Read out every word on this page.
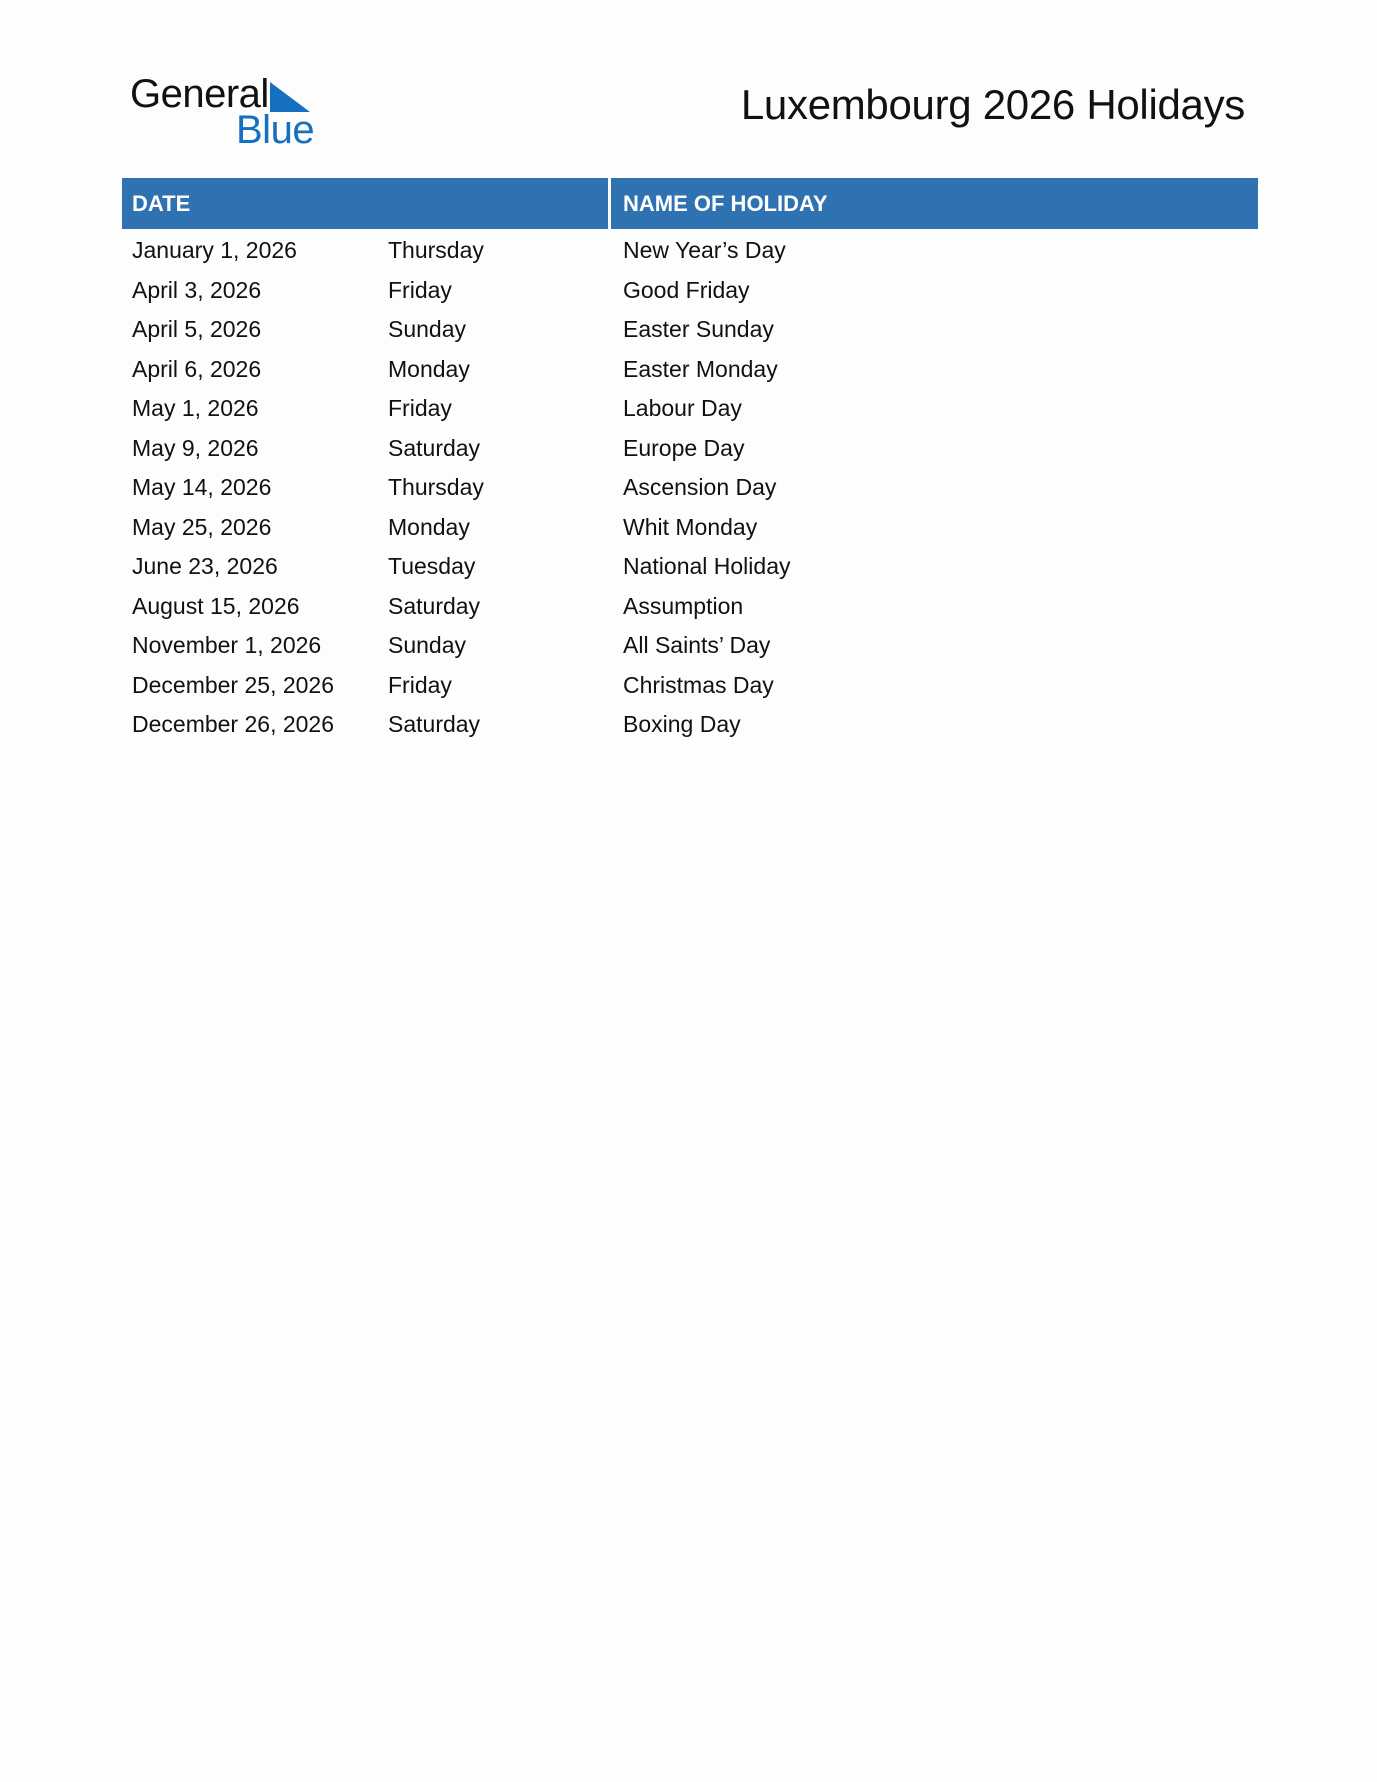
General
Blue
Luxembourg 2026 Holidays
DATE	NAME OF HOLIDAY
January 1, 2026	Thursday	New Year’s Day
April 3, 2026	Friday	Good Friday
April 5, 2026	Sunday	Easter Sunday
April 6, 2026	Monday	Easter Monday
May 1, 2026	Friday	Labour Day
May 9, 2026	Saturday	Europe Day
May 14, 2026	Thursday	Ascension Day
May 25, 2026	Monday	Whit Monday
June 23, 2026	Tuesday	National Holiday
August 15, 2026	Saturday	Assumption
November 1, 2026	Sunday	All Saints’ Day
December 25, 2026	Friday	Christmas Day
December 26, 2026	Saturday	Boxing Day
